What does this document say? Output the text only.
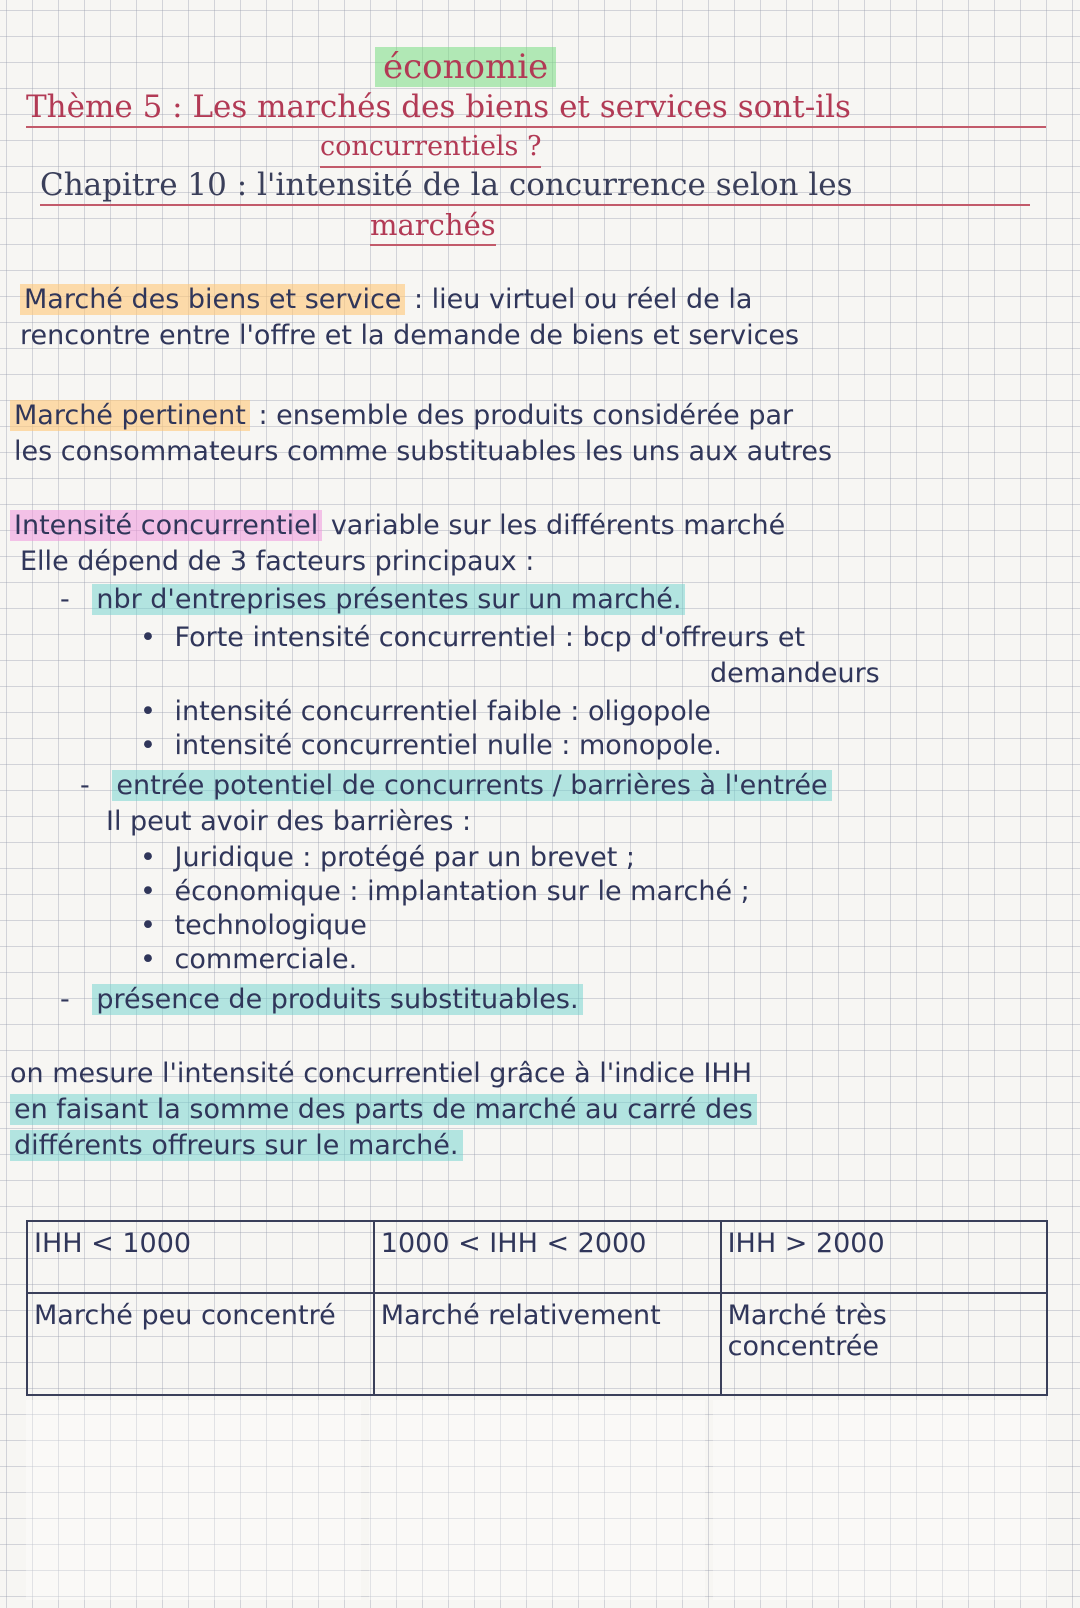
économie
Thème 5 : Les marchés des biens et services sont-ils
concurrentiels ?
Chapitre 10 : l'intensité de la concurrence selon les
marchés
Marché des biens et service : lieu virtuel ou réel de la
rencontre entre l'offre et la demande de biens et services
Marché pertinent : ensemble des produits considérée par
les consommateurs comme substituables les uns aux autres
Intensité concurrentiel variable sur les différents marché
Elle dépend de 3 facteurs principaux :
- nbr d'entreprises présentes sur un marché.
• Forte intensité concurrentiel : bcp d'offreurs et
demandeurs
• intensité concurrentiel faible : oligopole
• intensité concurrentiel nulle : monopole.
- entrée potentiel de concurrents / barrières à l'entrée
Il peut avoir des barrières :
• Juridique : protégé par un brevet ;
• économique : implantation sur le marché ;
• technologique
• commerciale.
- présence de produits substituables.
on mesure l'intensité concurrentiel grâce à l'indice IHH
en faisant la somme des parts de marché au carré des
différents offreurs sur le marché.
IHH < 1000	1000 < IHH < 2000	IHH > 2000
Marché peu concentré	Marché relativement	Marché très concentrée
